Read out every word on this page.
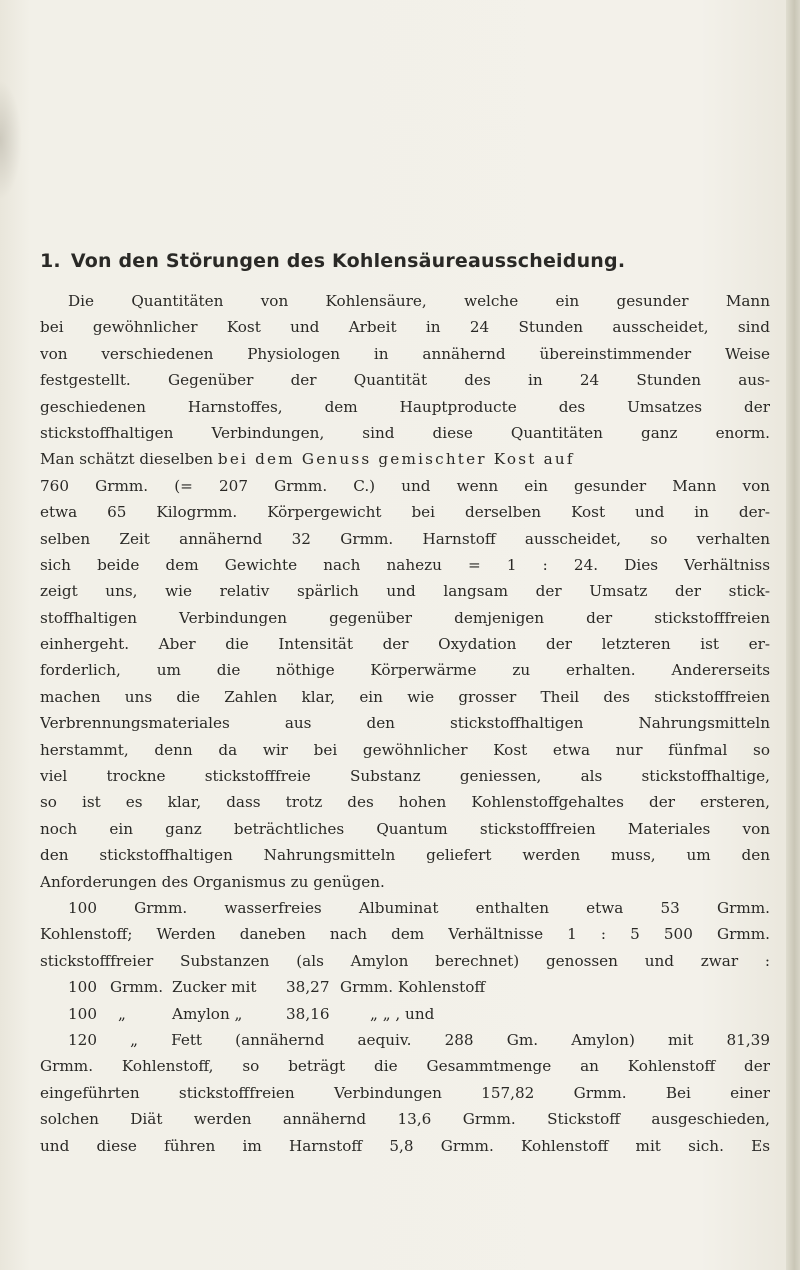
1. Von den Störungen des Kohlensäureausscheidung.
Die Quantitäten von Kohlensäure, welche ein gesunder Mann
bei gewöhnlicher Kost und Arbeit in 24 Stunden ausscheidet, sind
von verschiedenen Physiologen in annähernd übereinstimmender Weise
festgestellt. Gegenüber der Quantität des in 24 Stunden aus-
geschiedenen Harnstoffes, dem Hauptproducte des Umsatzes der
stickstoffhaltigen Verbindungen, sind diese Quantitäten ganz enorm.
Man schätzt dieselben bei dem Genuss gemischter Kost auf
760 Grmm. (= 207 Grmm. C.) und wenn ein gesunder Mann von
etwa 65 Kilogrmm. Körpergewicht bei derselben Kost und in der-
selben Zeit annähernd 32 Grmm. Harnstoff ausscheidet, so verhalten
sich beide dem Gewichte nach nahezu = 1 : 24. Dies Verhältniss
zeigt uns, wie relativ spärlich und langsam der Umsatz der stick-
stoffhaltigen Verbindungen gegenüber demjenigen der stickstofffreien
einhergeht. Aber die Intensität der Oxydation der letzteren ist er-
forderlich, um die nöthige Körperwärme zu erhalten. Andererseits
machen uns die Zahlen klar, ein wie grosser Theil des stickstofffreien
Verbrennungsmateriales aus den stickstoffhaltigen Nahrungsmitteln
herstammt, denn da wir bei gewöhnlicher Kost etwa nur fünfmal so
viel trockne stickstofffreie Substanz geniessen, als stickstoffhaltige,
so ist es klar, dass trotz des hohen Kohlenstoffgehaltes der ersteren,
noch ein ganz beträchtliches Quantum stickstofffreien Materiales von
den stickstoffhaltigen Nahrungsmitteln geliefert werden muss, um den
Anforderungen des Organismus zu genügen.
100 Grmm. wasserfreies Albuminat enthalten etwa 53 Grmm.
Kohlenstoff; Werden daneben nach dem Verhältnisse 1 : 5 500 Grmm.
stickstofffreier Substanzen (als Amylon berechnet) genossen und zwar :
100 Grmm. Zucker mit 38,27 Grmm. Kohlenstoff
100 „	Amylon „	38,16	„ „ , und
120 „ Fett (annähernd aequiv. 288 Gm. Amylon) mit 81,39
Grmm. Kohlenstoff, so beträgt die Gesammtmenge an Kohlenstoff der
eingeführten stickstofffreien Verbindungen 157,82 Grmm. Bei einer
solchen Diät werden annähernd 13,6 Grmm. Stickstoff ausgeschieden,
und diese führen im Harnstoff 5,8 Grmm. Kohlenstoff mit sich. Es
